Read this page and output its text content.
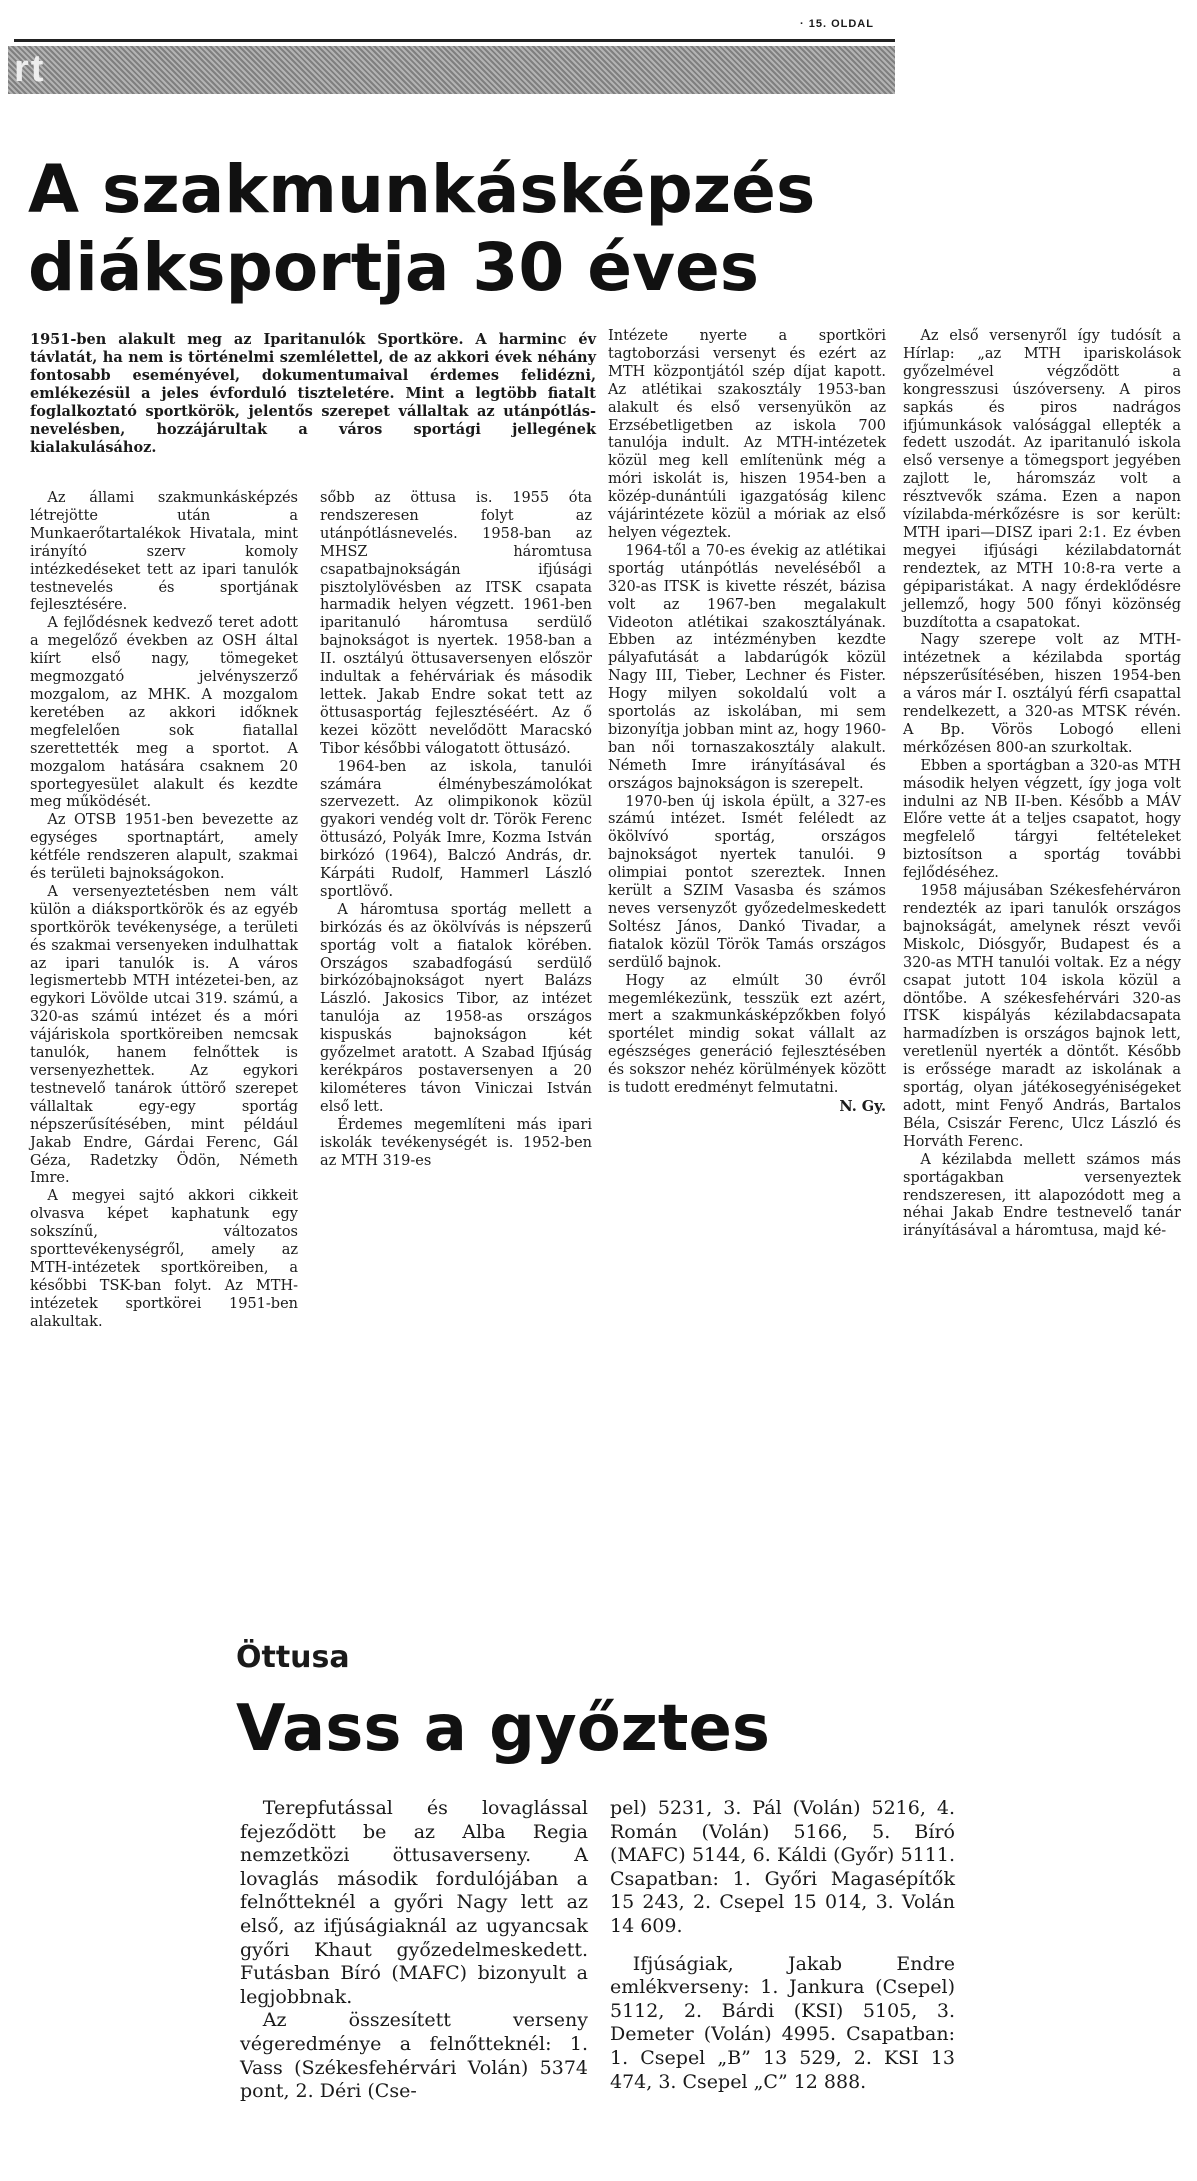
· 15. OLDAL
rt
A szakmunkásképzés
diáksportja 30 éves
1951-ben alakult meg az Iparitanulók Sportköre. A harminc év távlatát, ha nem is történelmi szemlélettel, de az akkori évek néhány fontosabb eseményével, dokumentumaival érdemes felidézni, emlékezésül a jeles évforduló tiszteletére. Mint a legtöbb fiatalt foglalkoztató sportkörök, jelentős szerepet vállaltak az utánpótlás-nevelésben, hozzájárultak a város sportági jellegének kialakulásához.

Az állami szakmunkásképzés létrejötte után a Munkaerőtartalékok Hivatala, mint irányító szerv komoly intézkedéseket tett az ipari tanulók testnevelés és sportjának fejlesztésére.

A fejlődésnek kedvező teret adott a megelőző években az OSH által kiírt első nagy, tömegeket megmozgató jelvényszerző mozgalom, az MHK. A mozgalom keretében az akkori időknek megfelelően sok fiatallal szerettették meg a sportot. A mozgalom hatására csaknem 20 sportegyesület alakult és kezdte meg működését.

Az OTSB 1951-ben bevezette az egységes sportnaptárt, amely kétféle rendszeren alapult, szakmai és területi bajnokságokon.

A versenyeztetésben nem vált külön a diáksportkörök és az egyéb sportkörök tevékenysége, a területi és szakmai versenyeken indulhattak az ipari tanulók is. A város legismertebb MTH intézetei-ben, az egykori Lövölde utcai 319. számú, a 320-as számú intézet és a móri vájáriskola sportköreiben nemcsak tanulók, hanem felnőttek is versenyezhettek. Az egykori testnevelő tanárok úttörő szerepet vállaltak egy-egy sportág népszerűsítésében, mint például Jakab Endre, Gárdai Ferenc, Gál Géza, Radetzky Ödön, Németh Imre.

A megyei sajtó akkori cikkeit olvasva képet kaphatunk egy sokszínű, változatos sporttevékenységről, amely az MTH-intézetek sportköreiben, a későbbi TSK-ban folyt. Az MTH-intézetek sportkörei 1951-ben alakultak.

sőbb az öttusa is. 1955 óta rendszeresen folyt az utánpótlásnevelés. 1958-ban az MHSZ háromtusa csapatbajnokságán ifjúsági pisztolylövésben az ITSK csapata harmadik helyen végzett. 1961-ben iparitanuló háromtusa serdülő bajnokságot is nyertek. 1958-ban a II. osztályú öttusaversenyen először indultak a fehérváriak és második lettek. Jakab Endre sokat tett az öttusasportág fejlesztéséért. Az ő kezei között nevelődött Maracskó Tibor későbbi válogatott öttusázó.

1964-ben az iskola, tanulói számára élménybeszámolókat szervezett. Az olimpikonok közül gyakori vendég volt dr. Török Ferenc öttusázó, Polyák Imre, Kozma István birkózó (1964), Balczó András, dr. Kárpáti Rudolf, Hammerl László sportlövő.

A háromtusa sportág mellett a birkózás és az ökölvívás is népszerű sportág volt a fiatalok körében. Országos szabadfogású serdülő birkózóbajnokságot nyert Balázs László. Jakosics Tibor, az intézet tanulója az 1958-as országos kispuskás bajnokságon két győzelmet aratott. A Szabad Ifjúság kerékpáros postaversenyen a 20 kilométeres távon Viniczai István első lett.

Érdemes megemlíteni más ipari iskolák tevékenységét is. 1952-ben az MTH 319-es

Intézete nyerte a sportköri tagtoborzási versenyt és ezért az MTH központjától szép díjat kapott. Az atlétikai szakosztály 1953-ban alakult és első versenyükön az Erzsébetligetben az iskola 700 tanulója indult. Az MTH-intézetek közül meg kell említenünk még a móri iskolát is, hiszen 1954-ben a közép-dunántúli igazgatóság kilenc vájárintézete közül a móriak az első helyen végeztek.

1964-től a 70-es évekig az atlétikai sportág utánpótlás neveléséből a 320-as ITSK is kivette részét, bázisa volt az 1967-ben megalakult Videoton atlétikai szakosztályának. Ebben az intézményben kezdte pályafutását a labdarúgók közül Nagy III, Tieber, Lechner és Fister. Hogy milyen sokoldalú volt a sportolás az iskolában, mi sem bizonyítja jobban mint az, hogy 1960-ban női tornaszakosztály alakult. Németh Imre irányításával és országos bajnokságon is szerepelt.

1970-ben új iskola épült, a 327-es számú intézet. Ismét feléledt az ökölvívó sportág, országos bajnokságot nyertek tanulói. 9 olimpiai pontot szereztek. Innen került a SZIM Vasasba és számos neves versenyzőt győzedelmeskedett Soltész János, Dankó Tivadar, a fiatalok közül Török Tamás országos serdülő bajnok.

Hogy az elmúlt 30 évről megemlékezünk, tesszük ezt azért, mert a szakmunkásképzőkben folyó sportélet mindig sokat vállalt az egészséges generáció fejlesztésében és sokszor nehéz körülmények között is tudott eredményt felmutatni.

N. Gy.

Az első versenyről így tudósít a Hírlap: „az MTH ipariskolások győzelmével végződött a kongresszusi úszóverseny. A piros sapkás és piros nadrágos ifjúmunkások valósággal ellepték a fedett uszodát. Az iparitanuló iskola első versenye a tömegsport jegyében zajlott le, háromszáz volt a résztvevők száma. Ezen a napon vízilabda-mérkőzésre is sor került: MTH ipari—DISZ ipari 2:1. Ez évben megyei ifjúsági kézilabdatornát rendeztek, az MTH 10:8-ra verte a gépiparistákat. A nagy érdeklődésre jellemző, hogy 500 főnyi közönség buzdította a csapatokat.

Nagy szerepe volt az MTH-intézetnek a kézilabda sportág népszerűsítésében, hiszen 1954-ben a város már I. osztályú férfi csapattal rendelkezett, a 320-as MTSK révén. A Bp. Vörös Lobogó elleni mérkőzésen 800-an szurkoltak.

Ebben a sportágban a 320-as MTH második helyen végzett, így joga volt indulni az NB II-ben. Később a MÁV Előre vette át a teljes csapatot, hogy megfelelő tárgyi feltételeket biztosítson a sportág további fejlődéséhez.

1958 májusában Székesfehérváron rendezték az ipari tanulók országos bajnokságát, amelynek részt vevői Miskolc, Diósgyőr, Budapest és a 320-as MTH tanulói voltak. Ez a négy csapat jutott 104 iskola közül a döntőbe. A székesfehérvári 320-as ITSK kispályás kézilabdacsapata harmadízben is országos bajnok lett, veretlenül nyerték a döntőt. Később is erőssége maradt az iskolának a sportág, olyan játékosegyéniségeket adott, mint Fenyő András, Bartalos Béla, Csiszár Ferenc, Ulcz László és Horváth Ferenc.

A kézilabda mellett számos más sportágakban versenyeztek rendszeresen, itt alapozódott meg a néhai Jakab Endre testnevelő tanár irányításával a háromtusa, majd ké-

Öttusa
Vass a győztes

Terepfutással és lovaglással fejeződött be az Alba Regia nemzetközi öttusaverseny. A lovaglás második fordulójában a felnőtteknél a győri Nagy lett az első, az ifjúságiaknál az ugyancsak győri Khaut győzedelmeskedett. Futásban Bíró (MAFC) bizonyult a legjobbnak.

Az összesített verseny végeredménye a felnőtteknél: 1. Vass (Székesfehérvári Volán) 5374 pont, 2. Déri (Cse-

pel) 5231, 3. Pál (Volán) 5216, 4. Román (Volán) 5166, 5. Bíró (MAFC) 5144, 6. Káldi (Győr) 5111. Csapatban: 1. Győri Magasépítők 15 243, 2. Csepel 15 014, 3. Volán 14 609.

Ifjúságiak, Jakab Endre emlékverseny: 1. Jankura (Csepel) 5112, 2. Bárdi (KSI) 5105, 3. Demeter (Volán) 4995. Csapatban: 1. Csepel „B” 13 529, 2. KSI 13 474, 3. Csepel „C” 12 888.
